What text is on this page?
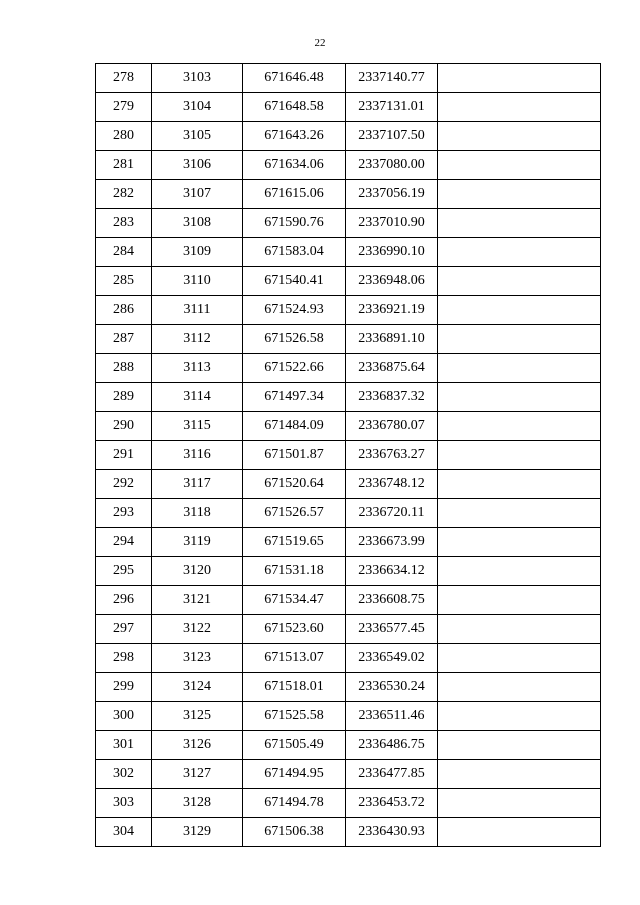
22
278	3103	671646.48	2337140.77	
279	3104	671648.58	2337131.01	
280	3105	671643.26	2337107.50	
281	3106	671634.06	2337080.00	
282	3107	671615.06	2337056.19	
283	3108	671590.76	2337010.90	
284	3109	671583.04	2336990.10	
285	3110	671540.41	2336948.06	
286	3111	671524.93	2336921.19	
287	3112	671526.58	2336891.10	
288	3113	671522.66	2336875.64	
289	3114	671497.34	2336837.32	
290	3115	671484.09	2336780.07	
291	3116	671501.87	2336763.27	
292	3117	671520.64	2336748.12	
293	3118	671526.57	2336720.11	
294	3119	671519.65	2336673.99	
295	3120	671531.18	2336634.12	
296	3121	671534.47	2336608.75	
297	3122	671523.60	2336577.45	
298	3123	671513.07	2336549.02	
299	3124	671518.01	2336530.24	
300	3125	671525.58	2336511.46	
301	3126	671505.49	2336486.75	
302	3127	671494.95	2336477.85	
303	3128	671494.78	2336453.72	
304	3129	671506.38	2336430.93	
